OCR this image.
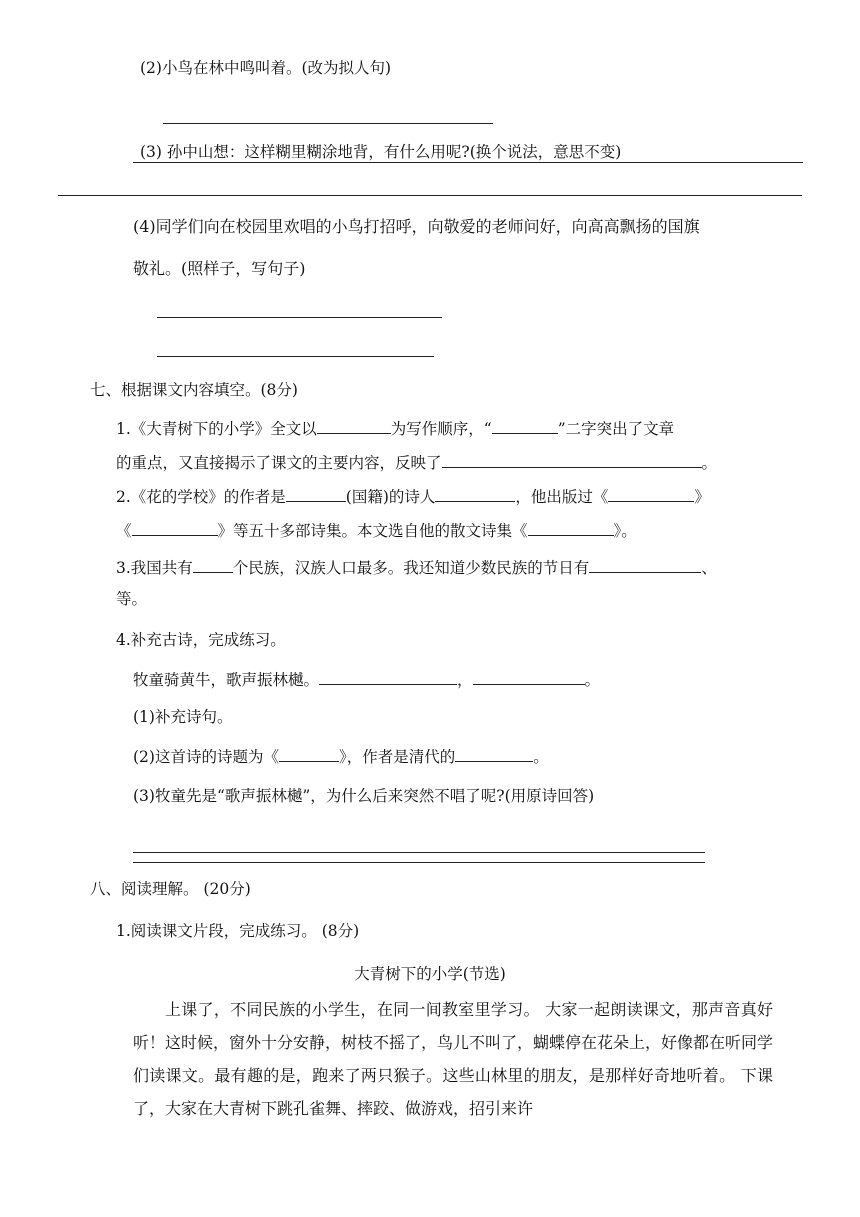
(2)小鸟在林中鸣叫着。(改为拟人句)
(3) 孙中山想：这样糊里糊涂地背，有什么用呢?(换个说法，意思不变)
(4)同学们向在校园里欢唱的小鸟打招呼，向敬爱的老师问好，向高高飘扬的国旗
敬礼。(照样子，写句子)
七、根据课文内容填空。(8分)
1.《大青树下的小学》全文以	为写作顺序，“	”二字突出了文章
的重点，又直接揭示了课文的主要内容，反映了	。
2.《花的学校》的作者是	(国籍)的诗人	，他出版过《	》
《	》等五十多部诗集。本文选自他的散文诗集《	》。
3.我国共有	个民族，汉族人口最多。我还知道少数民族的节日有	、
等。
4.补充古诗，完成练习。
牧童骑黄牛，歌声振林樾。	，	。
(1)补充诗句。
(2)这首诗的诗题为《	》，作者是清代的	。
(3)牧童先是“歌声振林樾”，为什么后来突然不唱了呢?(用原诗回答)
八、阅读理解。 (20分)
1.阅读课文片段，完成练习。 (8分)
大青树下的小学(节选)
上课了，不同民族的小学生，在同一间教室里学习。 大家一起朗读课文，那声音真好听！这时候，窗外十分安静，树枝不摇了，鸟儿不叫了，蝴蝶停在花朵上，好像都在听同学们读课文。最有趣的是，跑来了两只猴子。这些山林里的朋友，是那样好奇地听着。 下课了，大家在大青树下跳孔雀舞、摔跤、做游戏，招引来许
